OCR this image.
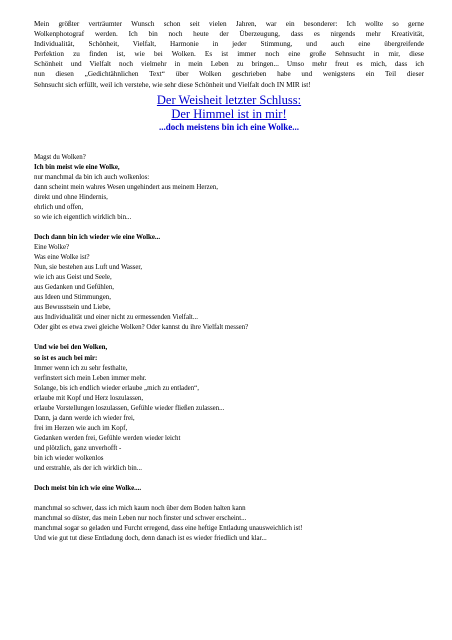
Mein größter verträumter Wunsch schon seit vielen Jahren, war ein besonderer: Ich wollte so gerne
Wolkenphotograf werden. Ich bin noch heute der Überzeugung, dass es nirgends mehr Kreativität,
Individualität, Schönheit, Vielfalt, Harmonie in jeder Stimmung, und auch eine übergreifende
Perfektion zu finden ist, wie bei Wolken. Es ist immer noch eine große Sehnsucht in mir, diese
Schönheit und Vielfalt noch vielmehr in mein Leben zu bringen... Umso mehr freut es mich, dass ich
nun diesen „Gedichtähnlichen Text“ über Wolken geschrieben habe und wenigstens ein Teil dieser
Sehnsucht sich erfüllt, weil ich verstehe, wie sehr diese Schönheit und Vielfalt doch IN MIR ist!
Der Weisheit letzter Schluss:
Der Himmel ist in mir!
...doch meistens bin ich eine Wolke...
Magst du Wolken?
Ich bin meist wie eine Wolke,
nur manchmal da bin ich auch wolkenlos:
dann scheint mein wahres Wesen ungehindert aus meinem Herzen,
direkt und ohne Hindernis,
ehrlich und offen,
so wie ich eigentlich wirklich bin...
Doch dann bin ich wieder wie eine Wolke...
Eine Wolke?
Was eine Wolke ist?
Nun, sie bestehen aus Luft und Wasser,
wie ich aus Geist und Seele,
aus Gedanken und Gefühlen,
aus Ideen und Stimmungen,
aus Bewusstsein und Liebe,
aus Individualität und einer nicht zu ermessenden Vielfalt...
Oder gibt es etwa zwei gleiche Wolken? Oder kannst du ihre Vielfalt messen?
Und wie bei den Wolken,
so ist es auch bei mir:
Immer wenn ich zu sehr festhalte,
verfinstert sich mein Leben immer mehr.
Solange, bis ich endlich wieder erlaube „mich zu entladen“,
erlaube mit Kopf und Herz loszulassen,
erlaube Vorstellungen loszulassen, Gefühle wieder fließen zulassen...
Dann, ja dann werde ich wieder frei,
frei im Herzen wie auch im Kopf,
Gedanken werden frei, Gefühle werden wieder leicht
und plötzlich, ganz unverhofft -
bin ich wieder wolkenlos
und erstrahle, als der ich wirklich bin...
Doch meist bin ich wie eine Wolke....
manchmal so schwer, dass ich mich kaum noch über dem Boden halten kann
manchmal so düster, das mein Leben nur noch finster und schwer erscheint...
manchmal sogar so geladen und Furcht erregend, dass eine heftige Entladung unausweichlich ist!
Und wie gut tut diese Entladung doch, denn danach ist es wieder friedlich und klar...
